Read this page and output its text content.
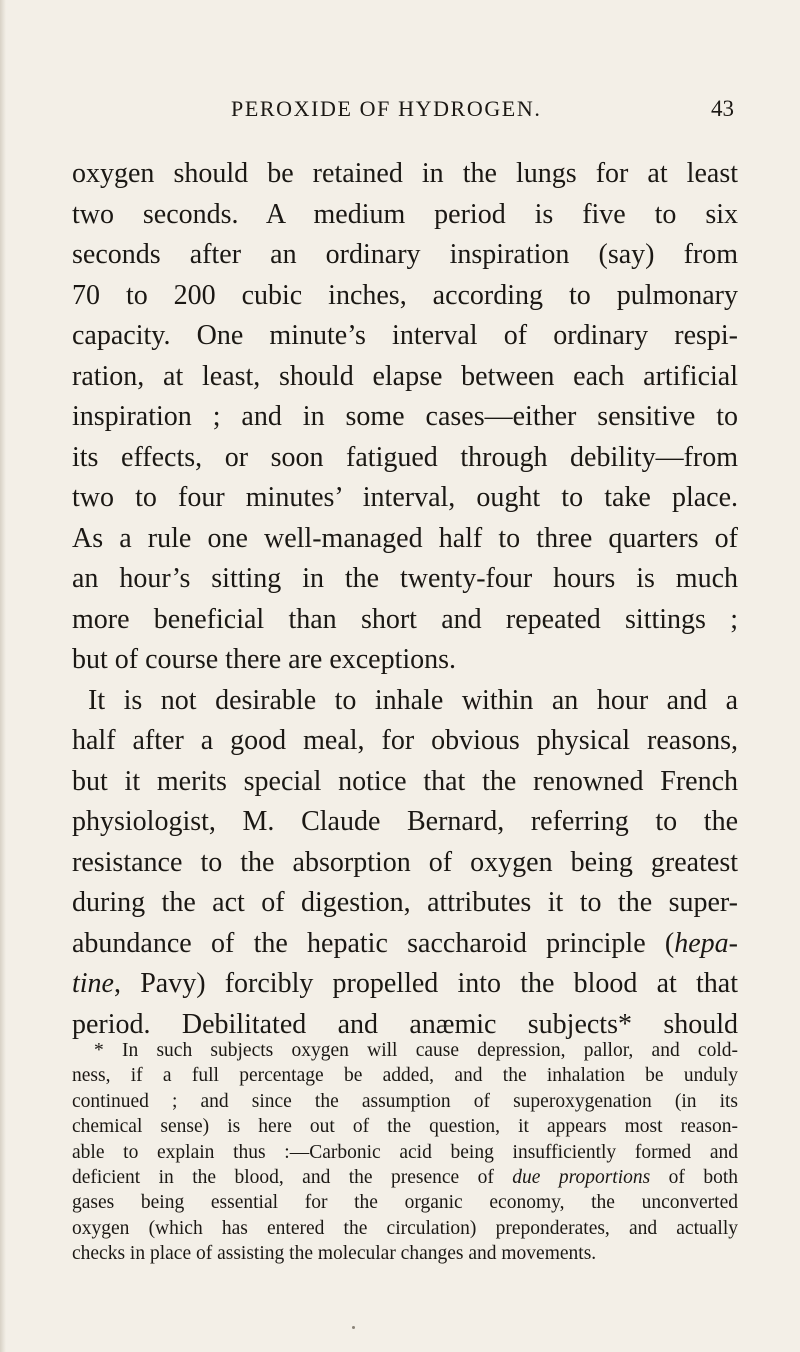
PEROXIDE OF HYDROGEN.	43
oxygen should be retained in the lungs for at least
two seconds. A medium period is five to six
seconds after an ordinary inspiration (say) from
70 to 200 cubic inches, according to pulmonary
capacity. One minute’s interval of ordinary respi-
ration, at least, should elapse between each artificial
inspiration ; and in some cases—either sensitive to
its effects, or soon fatigued through debility—from
two to four minutes’ interval, ought to take place.
As a rule one well-managed half to three quarters of
an hour’s sitting in the twenty-four hours is much
more beneficial than short and repeated sittings ;
but of course there are exceptions.
It is not desirable to inhale within an hour and a
half after a good meal, for obvious physical reasons,
but it merits special notice that the renowned French
physiologist, M. Claude Bernard, referring to the
resistance to the absorption of oxygen being greatest
during the act of digestion, attributes it to the super-
abundance of the hepatic saccharoid principle (hepa-
tine, Pavy) forcibly propelled into the blood at that
period. Debilitated and anæmic subjects* should
* In such subjects oxygen will cause depression, pallor, and cold-
ness, if a full percentage be added, and the inhalation be unduly
continued ; and since the assumption of superoxygenation (in its
chemical sense) is here out of the question, it appears most reason-
able to explain thus :—Carbonic acid being insufficiently formed and
deficient in the blood, and the presence of due proportions of both
gases being essential for the organic economy, the unconverted
oxygen (which has entered the circulation) preponderates, and actually
checks in place of assisting the molecular changes and movements.
